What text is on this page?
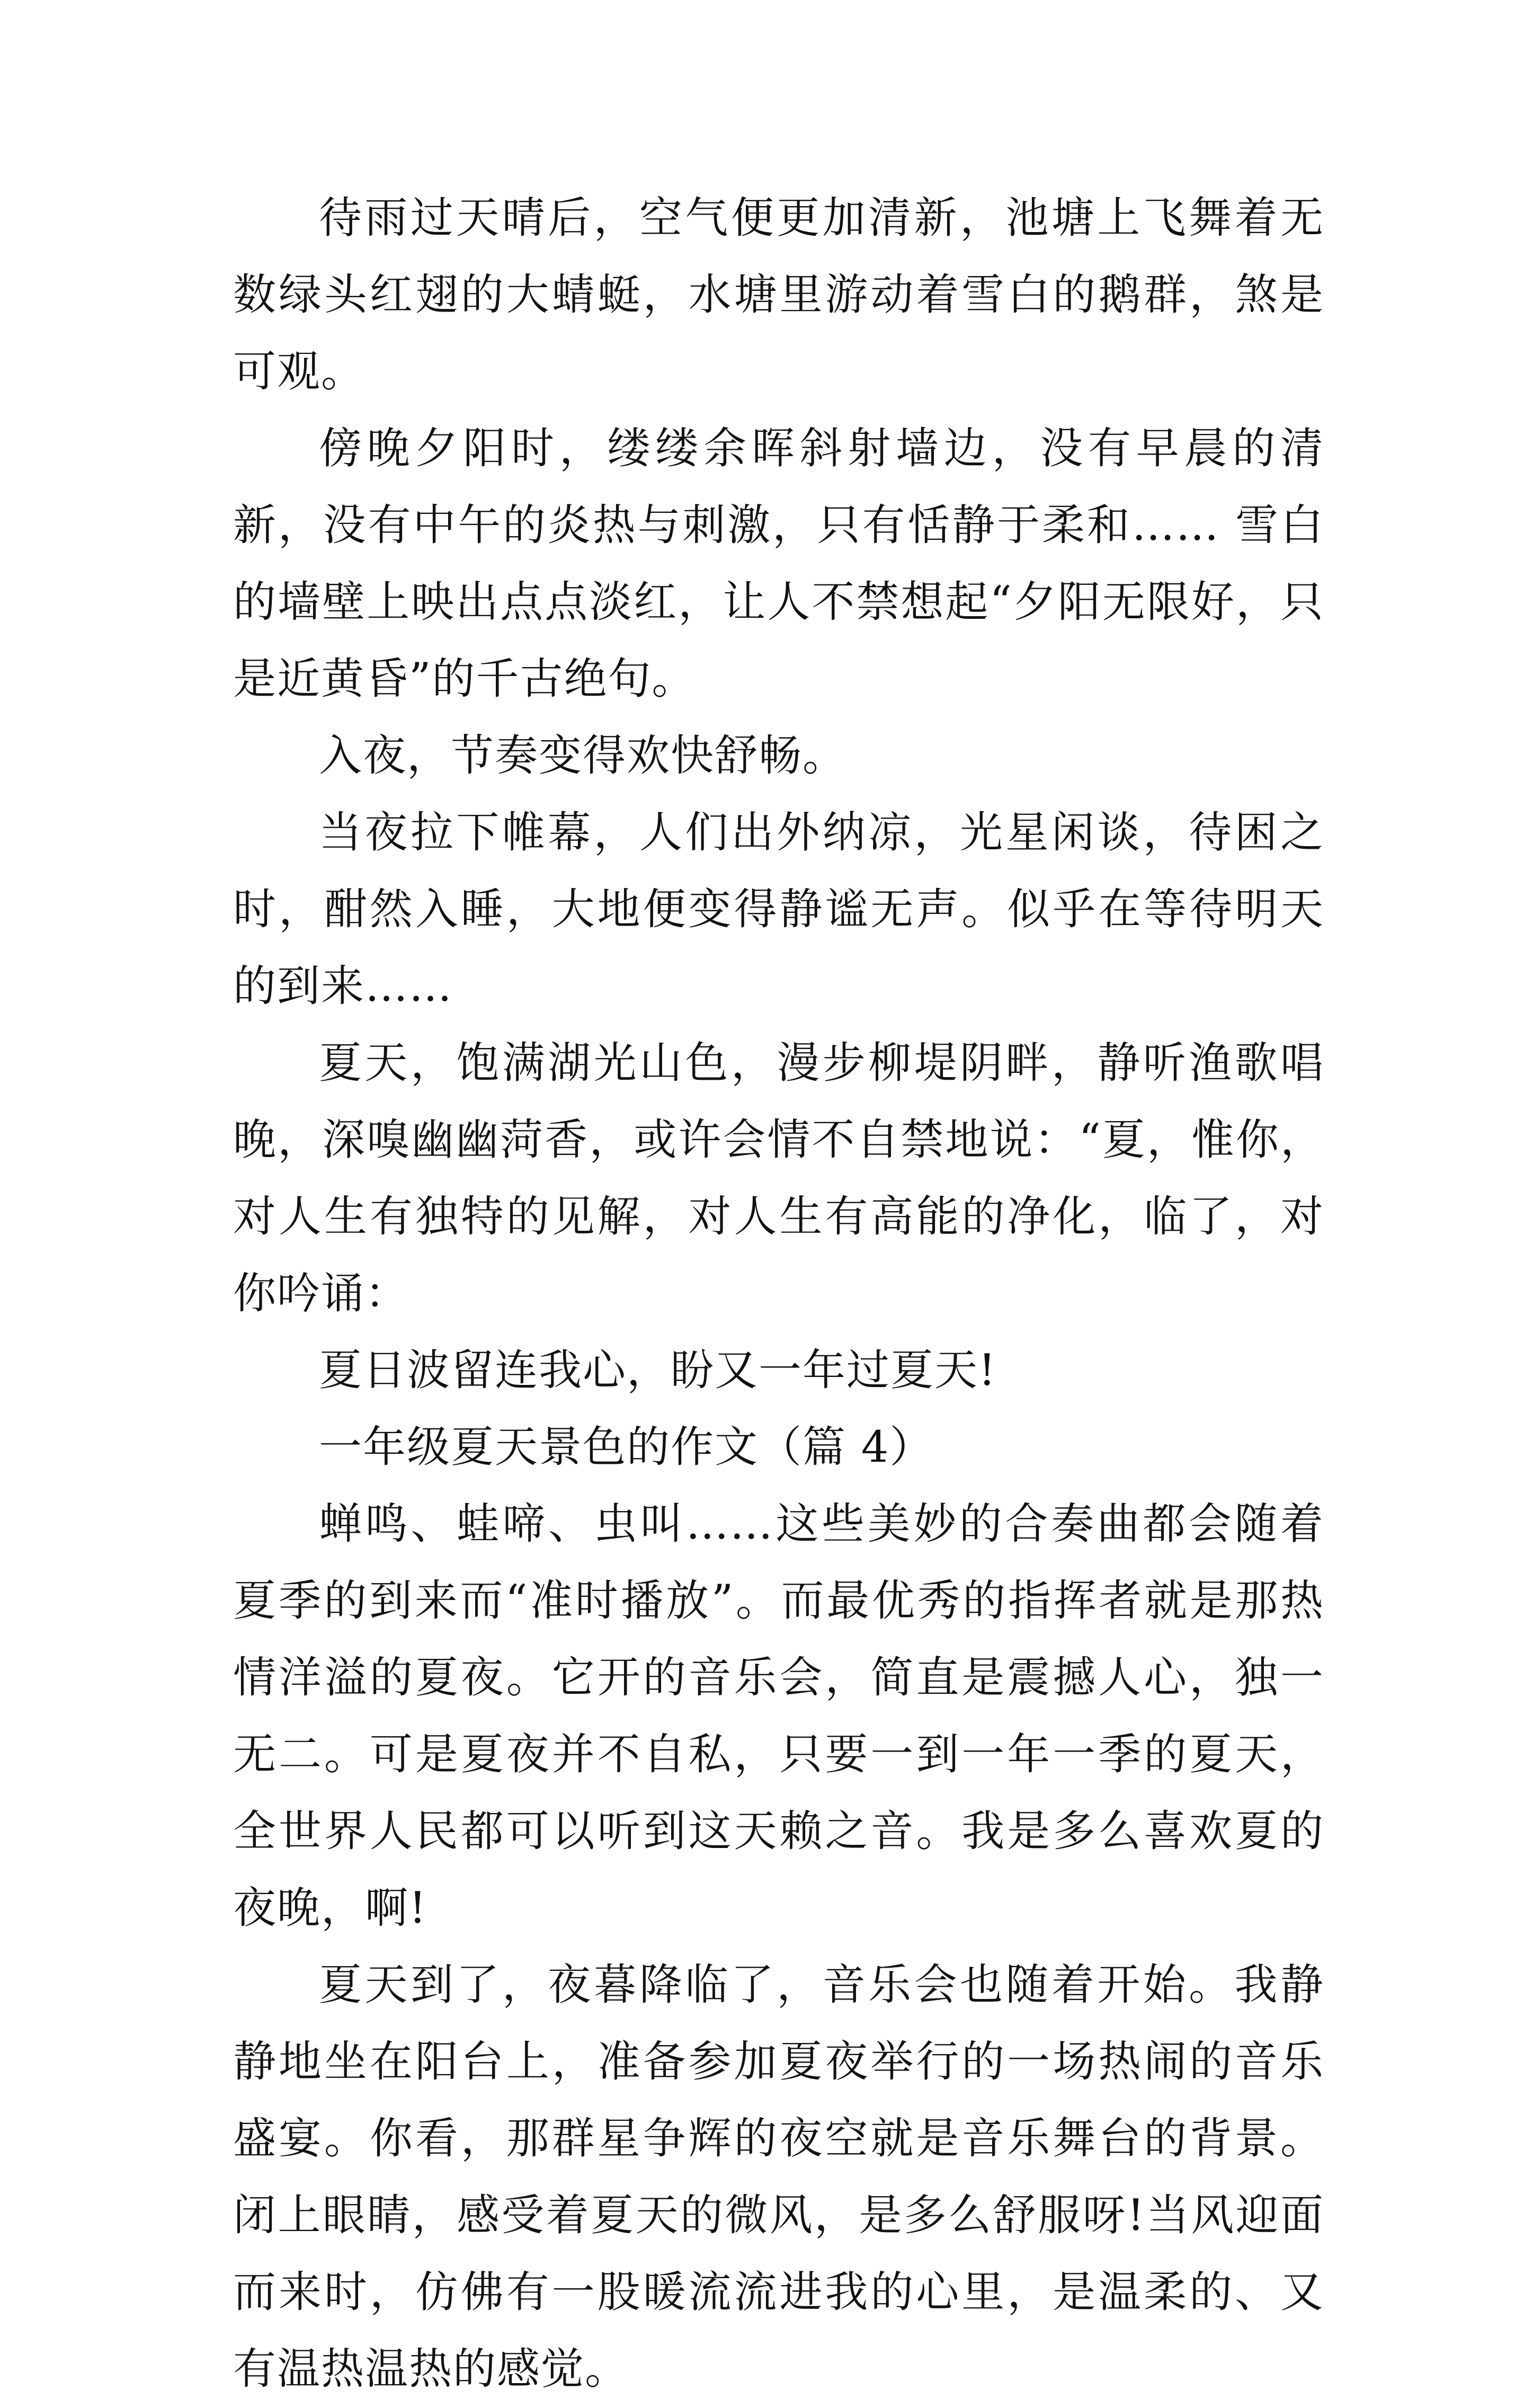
待雨过天晴后，空气便更加清新，池塘上飞舞着无数绿头红翅的大蜻蜓，水塘里游动着雪白的鹅群，煞是可观。

傍晚夕阳时，缕缕余晖斜射墙边，没有早晨的清新，没有中午的炎热与刺激，只有恬静于柔和…… 雪白的墙壁上映出点点淡红，让人不禁想起“夕阳无限好，只是近黄昏”的千古绝句。

入夜，节奏变得欢快舒畅。

当夜拉下帷幕，人们出外纳凉，光星闲谈，待困之时，酣然入睡，大地便变得静谧无声。似乎在等待明天的到来……

夏天，饱满湖光山色，漫步柳堤阴畔，静听渔歌唱晚，深嗅幽幽菏香，或许会情不自禁地说：“夏，惟你，对人生有独特的见解，对人生有高能的净化，临了，对你吟诵：

夏日波留连我心，盼又一年过夏天!

一年级夏天景色的作文（篇 4）

蝉鸣、蛙啼、虫叫……这些美妙的合奏曲都会随着夏季的到来而“准时播放”。而最优秀的指挥者就是那热情洋溢的夏夜。它开的音乐会，简直是震撼人心，独一无二。可是夏夜并不自私，只要一到一年一季的夏天，全世界人民都可以听到这天赖之音。我是多么喜欢夏的夜晚，啊!

夏天到了，夜暮降临了，音乐会也随着开始。我静静地坐在阳台上，准备参加夏夜举行的一场热闹的音乐盛宴。你看，那群星争辉的夜空就是音乐舞台的背景。闭上眼睛，感受着夏天的微风，是多么舒服呀!当风迎面而来时，仿佛有一股暖流流进我的心里，是温柔的、又有温热温热的感觉。
